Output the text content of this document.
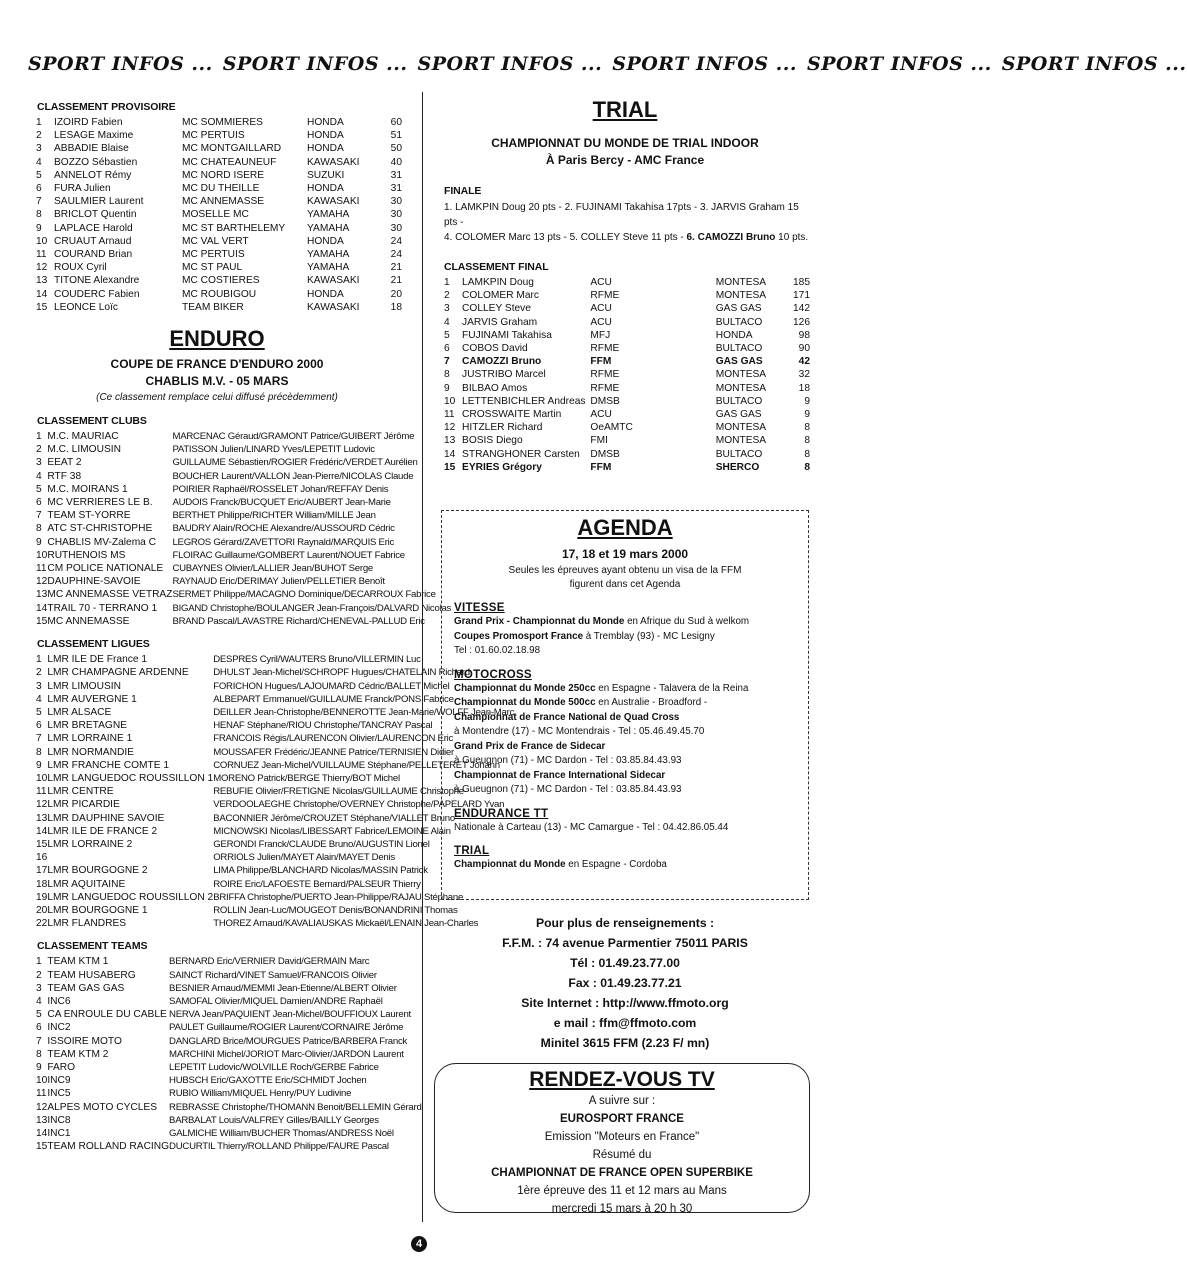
SPORT INFOS ... SPORT INFOS ... SPORT INFOS ... SPORT INFOS ... SPORT INFOS ... SPORT INFOS ...
CLASSEMENT PROVISOIRE
1	IZOIRD Fabien	MC SOMMIERES	HONDA	60
2	LESAGE Maxime	MC PERTUIS	HONDA	51
3	ABBADIE Blaise	MC MONTGAILLARD	HONDA	50
4	BOZZO Sébastien	MC CHATEAUNEUF	KAWASAKI	40
5	ANNELOT Rémy	MC NORD ISERE	SUZUKI	31
6	FURA Julien	MC DU THEILLE	HONDA	31
7	SAULMIER Laurent	MC ANNEMASSE	KAWASAKI	30
8	BRICLOT Quentin	MOSELLE MC	YAMAHA	30
9	LAPLACE Harold	MC ST BARTHELEMY	YAMAHA	30
10	CRUAUT Arnaud	MC VAL VERT	HONDA	24
11	COURAND Brian	MC PERTUIS	YAMAHA	24
12	ROUX Cyril	MC ST PAUL	YAMAHA	21
13	TITONE Alexandre	MC COSTIERES	KAWASAKI	21
14	COUDERC Fabien	MC ROUBIGOU	HONDA	20
15	LEONCE Loïc	TEAM BIKER	KAWASAKI	18
ENDURO
COUPE DE FRANCE D'ENDURO 2000
CHABLIS M.V. - 05 MARS
(Ce classement remplace celui diffusé précèdemment)
CLASSEMENT CLUBS
1	M.C. MAURIAC	MARCENAC Géraud/GRAMONT Patrice/GUIBERT Jérôme
2	M.C. LIMOUSIN	PATISSON Julien/LINARD Yves/LEPETIT Ludovic
3	EEAT 2	GUILLAUME Sébastien/ROGIER Frédéric/VERDET Aurélien
4	RTF 38	BOUCHER Laurent/VALLON Jean-Pierre/NICOLAS Claude
5	M.C. MOIRANS 1	POIRIER Raphaël/ROSSELET Johan/REFFAY Denis
6	MC VERRIERES LE B.	AUDOIS Franck/BUCQUET Eric/AUBERT Jean-Marie
7	TEAM ST-YORRE	BERTHET Philippe/RICHTER William/MILLE Jean
8	ATC ST-CHRISTOPHE	BAUDRY Alain/ROCHE Alexandre/AUSSOURD Cédric
9	CHABLIS MV-Zalema C	LEGROS Gérard/ZAVETTORI Raynald/MARQUIS Eric
10	RUTHENOIS MS	FLOIRAC Guillaume/GOMBERT Laurent/NOUET Fabrice
11	CM POLICE NATIONALE	CUBAYNES Olivier/LALLIER Jean/BUHOT Serge
12	DAUPHINE-SAVOIE	RAYNAUD Eric/DERIMAY Julien/PELLETIER Benoît
13	MC ANNEMASSE VETRAZ	SERMET Philippe/MACAGNO Dominique/DECARROUX Fabrice
14	TRAIL 70 - TERRANO 1	BIGAND Christophe/BOULANGER Jean-François/DALVARD Nicolas
15	MC ANNEMASSE	BRAND Pascal/LAVASTRE Richard/CHENEVAL-PALLUD Eric
CLASSEMENT LIGUES
1	LMR ILE DE France 1	DESPRES Cyril/WAUTERS Bruno/VILLERMIN Luc
2	LMR CHAMPAGNE ARDENNE	DHULST Jean-Michel/SCHROPF Hugues/CHATELAIN Richard
3	LMR LIMOUSIN	FORICHON Hugues/LAJOUMARD Cédric/BALLET Michel
4	LMR AUVERGNE 1	ALBEPART Emmanuel/GUILLAUME Franck/PONS Fabrice
5	LMR ALSACE	DEILLER Jean-Christophe/BENNEROTTE Jean-Marie/WOLFF Jean-Marc
6	LMR BRETAGNE	HENAF Stéphane/RIOU Christophe/TANCRAY Pascal
7	LMR LORRAINE 1	FRANCOIS Régis/LAURENCON Olivier/LAURENCON Eric
8	LMR NORMANDIE	MOUSSAFER Frédéric/JEANNE Patrice/TERNISIEN Didier
9	LMR FRANCHE COMTE 1	CORNUEZ Jean-Michel/VUILLAUME Stéphane/PELLETERET Johann
10	LMR LANGUEDOC ROUSSILLON 1	MORENO Patrick/BERGE Thierry/BOT Michel
11	LMR CENTRE	REBUFIE Olivier/FRETIGNE Nicolas/GUILLAUME Christophe
12	LMR PICARDIE	VERDOOLAEGHE Christophe/OVERNEY Christophe/PAPELARD Yvan
13	LMR DAUPHINE SAVOIE	BACONNIER Jérôme/CROUZET Stéphane/VIALLET Bruno
14	LMR ILE DE FRANCE 2	MICNOWSKI Nicolas/LIBESSART Fabrice/LEMOINE Alain
15	LMR LORRAINE 2	GERONDI Franck/CLAUDE Bruno/AUGUSTIN Lionel
16		ORRIOLS Julien/MAYET Alain/MAYET Denis
17	LMR BOURGOGNE 2	LIMA Philippe/BLANCHARD Nicolas/MASSIN Patrick
18	LMR AQUITAINE	ROIRE Eric/LAFOESTE Bernard/PALSEUR Thierry
19	LMR LANGUEDOC ROUSSILLON 2	BRIFFA Christophe/PUERTO Jean-Philippe/RAJAU Stéphane
20	LMR BOURGOGNE 1	ROLLIN Jean-Luc/MOUGEOT Denis/BONANDRINI Thomas
22	LMR FLANDRES	THOREZ Arnaud/KAVALIAUSKAS Mickaël/LENAIN Jean-Charles
CLASSEMENT TEAMS
1	TEAM KTM 1	BERNARD Eric/VERNIER David/GERMAIN Marc
2	TEAM HUSABERG	SAINCT Richard/VINET Samuel/FRANCOIS Olivier
3	TEAM GAS GAS	BESNIER Arnaud/MEMMI Jean-Etienne/ALBERT Olivier
4	INC6	SAMOFAL Olivier/MIQUEL Damien/ANDRE Raphaël
5	CA ENROULE DU CABLE	NERVA Jean/PAQUIENT Jean-Michel/BOUFFIOUX Laurent
6	INC2	PAULET Guillaume/ROGIER Laurent/CORNAIRE Jérôme
7	ISSOIRE MOTO	DANGLARD Brice/MOURGUES Patrice/BARBERA Franck
8	TEAM KTM 2	MARCHINI Michel/JORIOT Marc-Olivier/JARDON Laurent
9	FARO	LEPETIT Ludovic/WOLVILLE Roch/GERBE Fabrice
10	INC9	HUBSCH Eric/GAXOTTE Eric/SCHMIDT Jochen
11	INC5	RUBIO William/MIQUEL Henry/PUY Ludivine
12	ALPES MOTO CYCLES	REBRASSE Christophe/THOMANN Benoit/BELLEMIN Gérard
13	INC8	BARBALAT Louis/VALFREY Gilles/BAILLY Georges
14	INC1	GALMICHE William/BUCHER Thomas/ANDRESS Noël
15	TEAM ROLLAND RACING	DUCURTIL Thierry/ROLLAND Philippe/FAURE Pascal
TRIAL
CHAMPIONNAT DU MONDE DE TRIAL INDOOR
À Paris Bercy - AMC France
FINALE
1. LAMKPIN Doug 20 pts - 2. FUJINAMI Takahisa 17pts - 3. JARVIS Graham 15 pts -
4. COLOMER Marc 13 pts - 5. COLLEY Steve 11 pts - 6. CAMOZZI Bruno 10 pts.
CLASSEMENT FINAL
1	LAMKPIN Doug	ACU	MONTESA	185
2	COLOMER Marc	RFME	MONTESA	171
3	COLLEY Steve	ACU	GAS GAS	142
4	JARVIS Graham	ACU	BULTACO	126
5	FUJINAMI Takahisa	MFJ	HONDA	98
6	COBOS David	RFME	BULTACO	90
7	CAMOZZI Bruno	FFM	GAS GAS	42
8	JUSTRIBO Marcel	RFME	MONTESA	32
9	BILBAO Amos	RFME	MONTESA	18
10	LETTENBICHLER Andreas	DMSB	BULTACO	9
11	CROSSWAITE Martin	ACU	GAS GAS	9
12	HITZLER Richard	OeAMTC	MONTESA	8
13	BOSIS Diego	FMI	MONTESA	8
14	STRANGHONER Carsten	DMSB	BULTACO	8
15	EYRIES Grégory	FFM	SHERCO	8
AGENDA
17, 18 et 19 mars 2000
Seules les épreuves ayant obtenu un visa de la FFM
figurent dans cet Agenda
VITESSE
Grand Prix - Championnat du Monde en Afrique du Sud à welkom
Coupes Promosport France à Tremblay (93) - MC Lesigny
Tel : 01.60.02.18.98
MOTOCROSS
Championnat du Monde 250cc en Espagne - Talavera de la Reina
Championnat du Monde 500cc en Australie - Broadford -
Championnat de France National de Quad Cross
à Montendre (17) - MC Montendrais - Tel : 05.46.49.45.70
Grand Prix de France de Sidecar
à Gueugnon (71) - MC Dardon - Tel : 03.85.84.43.93
Championnat de France International Sidecar
à Gueugnon (71) - MC Dardon - Tel : 03.85.84.43.93
ENDURANCE TT
Nationale à Carteau (13) - MC Camargue - Tel : 04.42.86.05.44
TRIAL
Championnat du Monde en Espagne - Cordoba
Pour plus de renseignements :
F.F.M. : 74 avenue Parmentier 75011 PARIS
Tél : 01.49.23.77.00
Fax : 01.49.23.77.21
Site Internet : http://www.ffmoto.org
e mail : ffm@ffmoto.com
Minitel 3615 FFM (2.23 F/ mn)
RENDEZ-VOUS TV
A suivre sur :
EUROSPORT FRANCE
Emission "Moteurs en France"
Résumé du
CHAMPIONNAT DE FRANCE OPEN SUPERBIKE
1ère épreuve des 11 et 12 mars au Mans
mercredi 15 mars à 20 h 30
4
